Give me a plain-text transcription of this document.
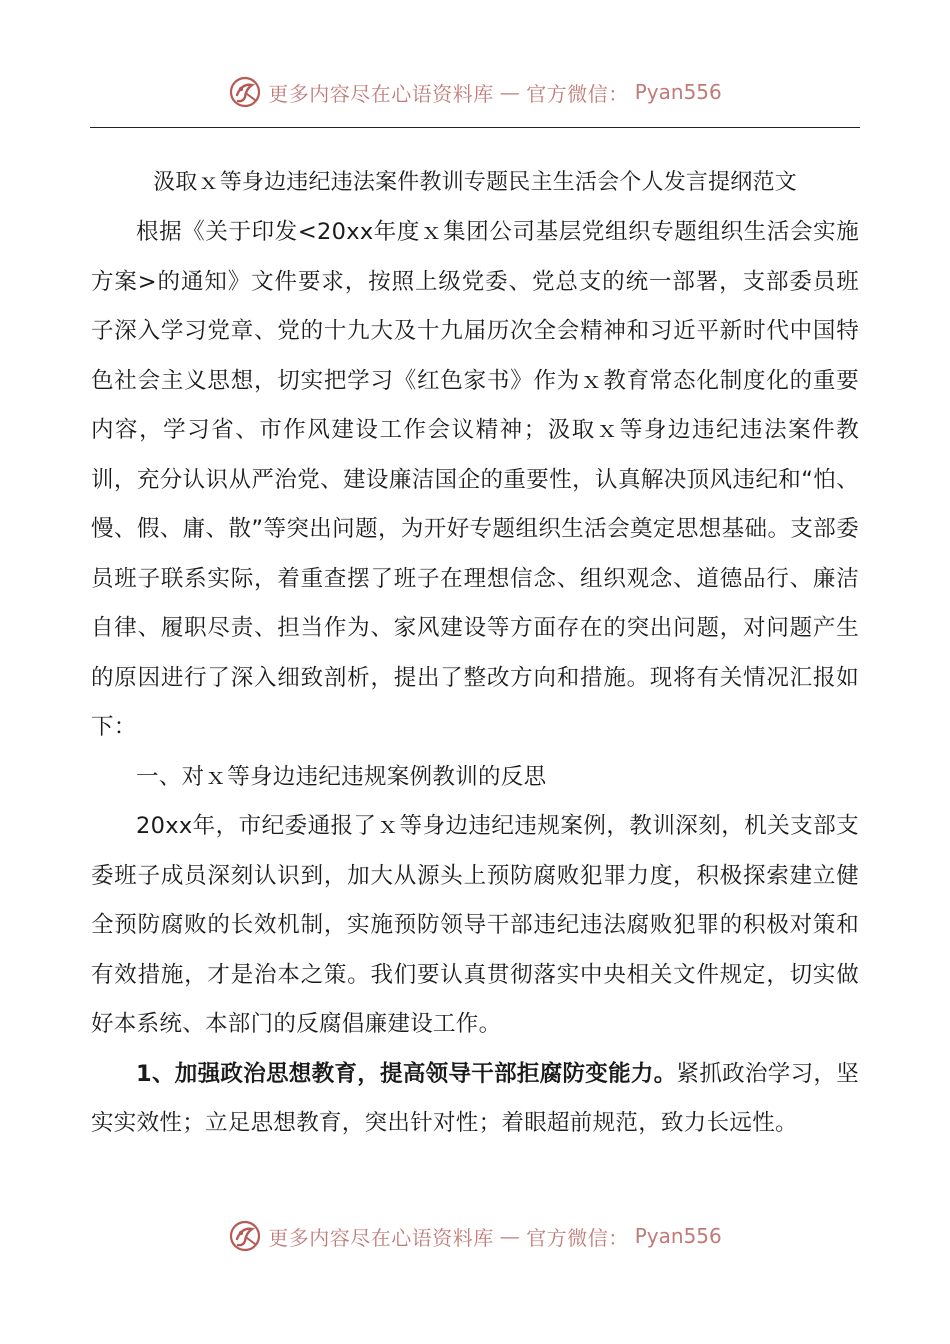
更多内容尽在心语资料库 — 官方微信： Pyan556
汲取ｘ等身边违纪违法案件教训专题民主生活会个人发言提纲范文

根据《关于印发<20xx年度ｘ集团公司基层党组织专题组织生活会实施方案>的通知》文件要求，按照上级党委、党总支的统一部署，支部委员班子深入学习党章、党的十九大及十九届历次全会精神和习近平新时代中国特色社会主义思想，切实把学习《红色家书》作为ｘ教育常态化制度化的重要内容，学习省、市作风建设工作会议精神；汲取ｘ等身边违纪违法案件教训，充分认识从严治党、建设廉洁国企的重要性，认真解决顶风违纪和“怕、慢、假、庸、散”等突出问题，为开好专题组织生活会奠定思想基础。支部委员班子联系实际，着重查摆了班子在理想信念、组织观念、道德品行、廉洁自律、履职尽责、担当作为、家风建设等方面存在的突出问题，对问题产生的原因进行了深入细致剖析，提出了整改方向和措施。现将有关情况汇报如下：

一、对ｘ等身边违纪违规案例教训的反思

20xx年，市纪委通报了ｘ等身边违纪违规案例，教训深刻，机关支部支委班子成员深刻认识到，加大从源头上预防腐败犯罪力度，积极探索建立健全预防腐败的长效机制，实施预防领导干部违纪违法腐败犯罪的积极对策和有效措施，才是治本之策。我们要认真贯彻落实中央相关文件规定，切实做好本系统、本部门的反腐倡廉建设工作。

1、加强政治思想教育，提高领导干部拒腐防变能力。紧抓政治学习，坚实实效性；立足思想教育，突出针对性；着眼超前规范，致力长远性。

更多内容尽在心语资料库 — 官方微信： Pyan556
